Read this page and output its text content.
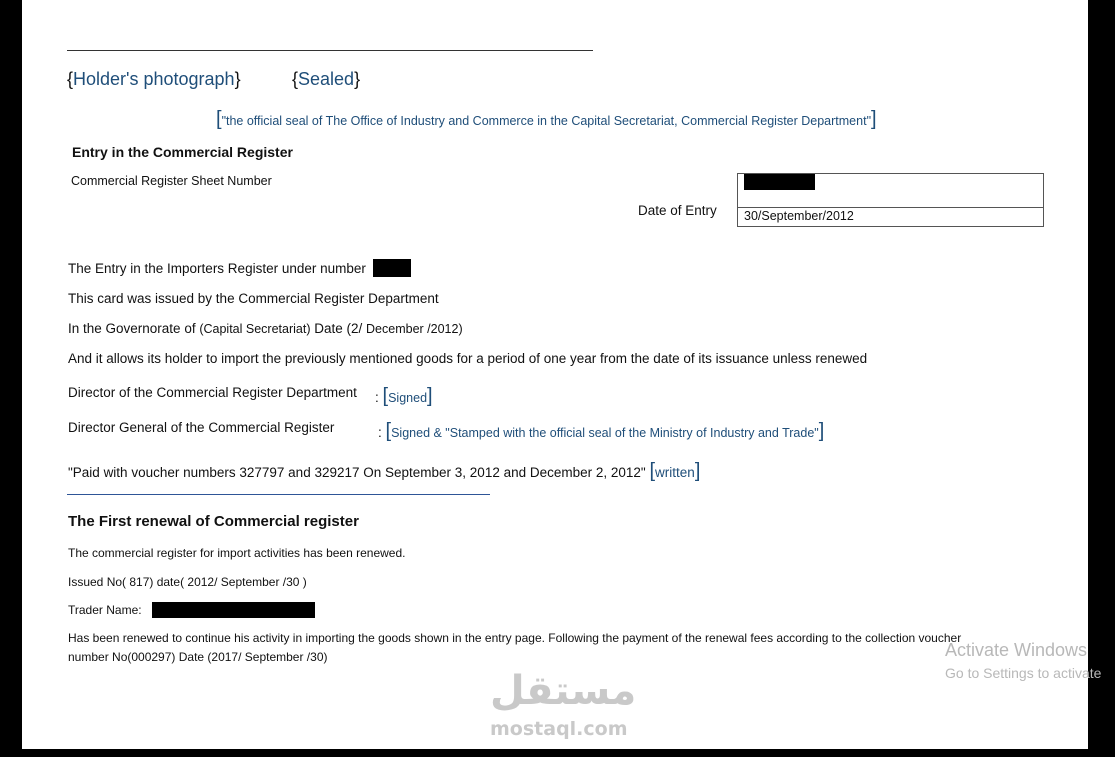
{Holder's photograph}	{Sealed}
["the official seal of The Office of Industry and Commerce in the Capital Secretariat, Commercial Register Department"]
Entry in the Commercial Register
Commercial Register Sheet Number
30/September/2012
Date of Entry
The Entry in the Importers Register under number
This card was issued by the Commercial Register Department
In the Governorate of (Capital Secretariat) Date (2/ December /2012)
And it allows its holder to import the previously mentioned goods for a period of one year from the date of its issuance unless renewed
Director of the Commercial Register Department : [Signed]
Director General of the Commercial Register	: [Signed & "Stamped with the official seal of the Ministry of Industry and Trade"]
"Paid with voucher numbers 327797 and 329217 On September 3, 2012 and December 2, 2012" [written]
The First renewal of Commercial register
The commercial register for import activities has been renewed.
Issued No( 817) date( 2012/ September /30 )
Trader Name:
Has been renewed to continue his activity in importing the goods shown in the entry page. Following the payment of the renewal fees according to the collection voucher
number No(000297) Date (2017/ September /30)
مستقل
mostaql.com
Activate Windows
Go to Settings to activate
